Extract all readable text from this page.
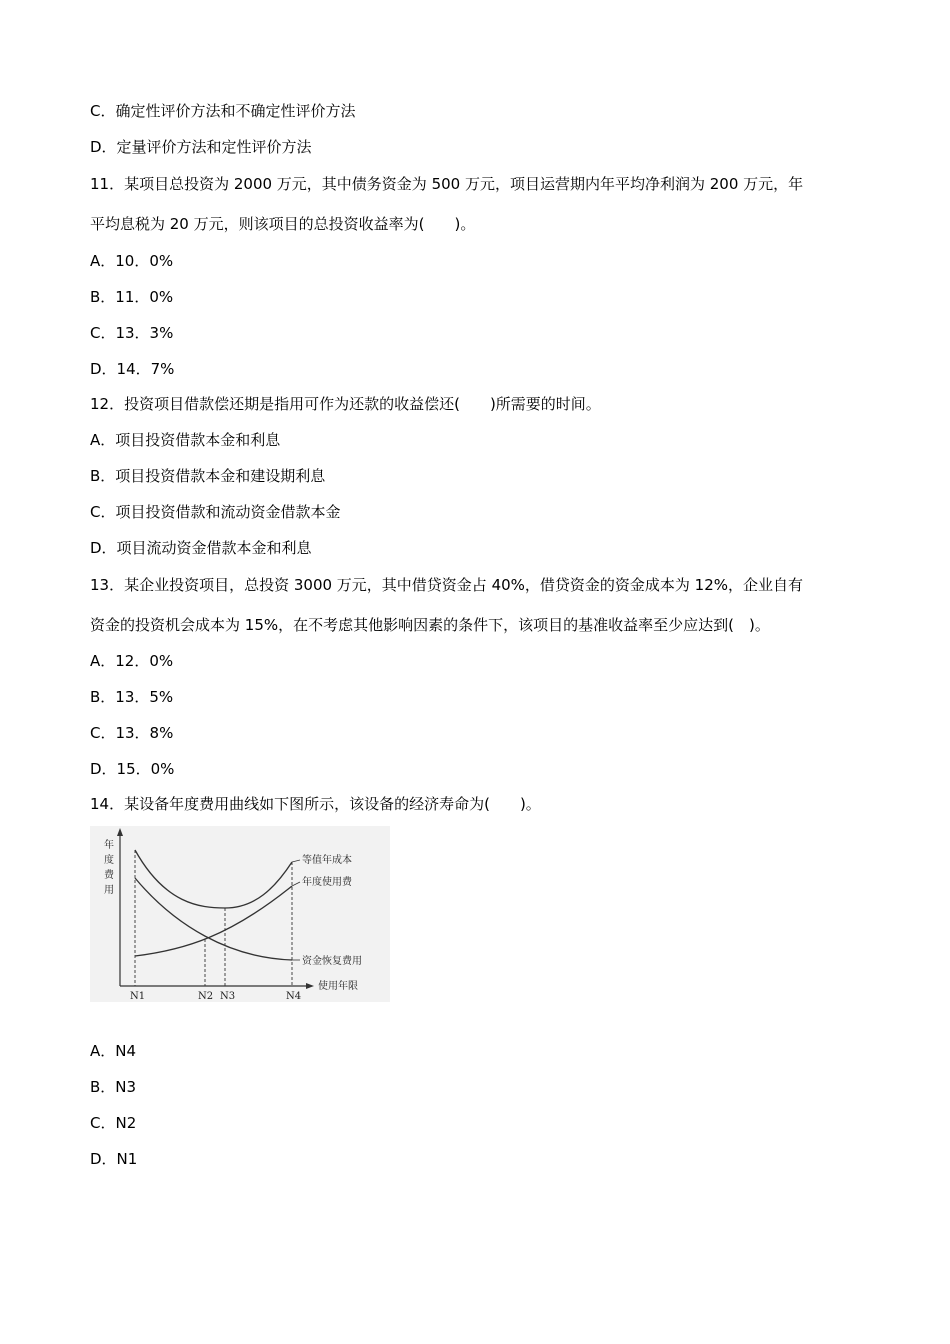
C．确定性评价方法和不确定性评价方法
D．定量评价方法和定性评价方法
11．某项目总投资为 2000 万元，其中债务资金为 500 万元，项目运营期内年平均净利润为 200 万元，年
平均息税为 20 万元，则该项目的总投资收益率为(　　)。
A．10．0%
B．11．0%
C．13．3%
D．14．7%
12．投资项目借款偿还期是指用可作为还款的收益偿还(　　)所需要的时间。
A．项目投资借款本金和利息
B．项目投资借款本金和建设期利息
C．项目投资借款和流动资金借款本金
D．项目流动资金借款本金和利息
13．某企业投资项目，总投资 3000 万元，其中借贷资金占 40%，借贷资金的资金成本为 12%，企业自有
资金的投资机会成本为 15%，在不考虑其他影响因素的条件下，该项目的基准收益率至少应达到(　)。
A．12．0%
B．13．5%
C．13．8%
D．15．0%
14．某设备年度费用曲线如下图所示，该设备的经济寿命为(　　)。
A．N4
B．N3
C．N2
D．N1
年
度
费
用
等值年成本
年度使用费
资金恢复费用
N1	N2 N3	N4
使用年限
